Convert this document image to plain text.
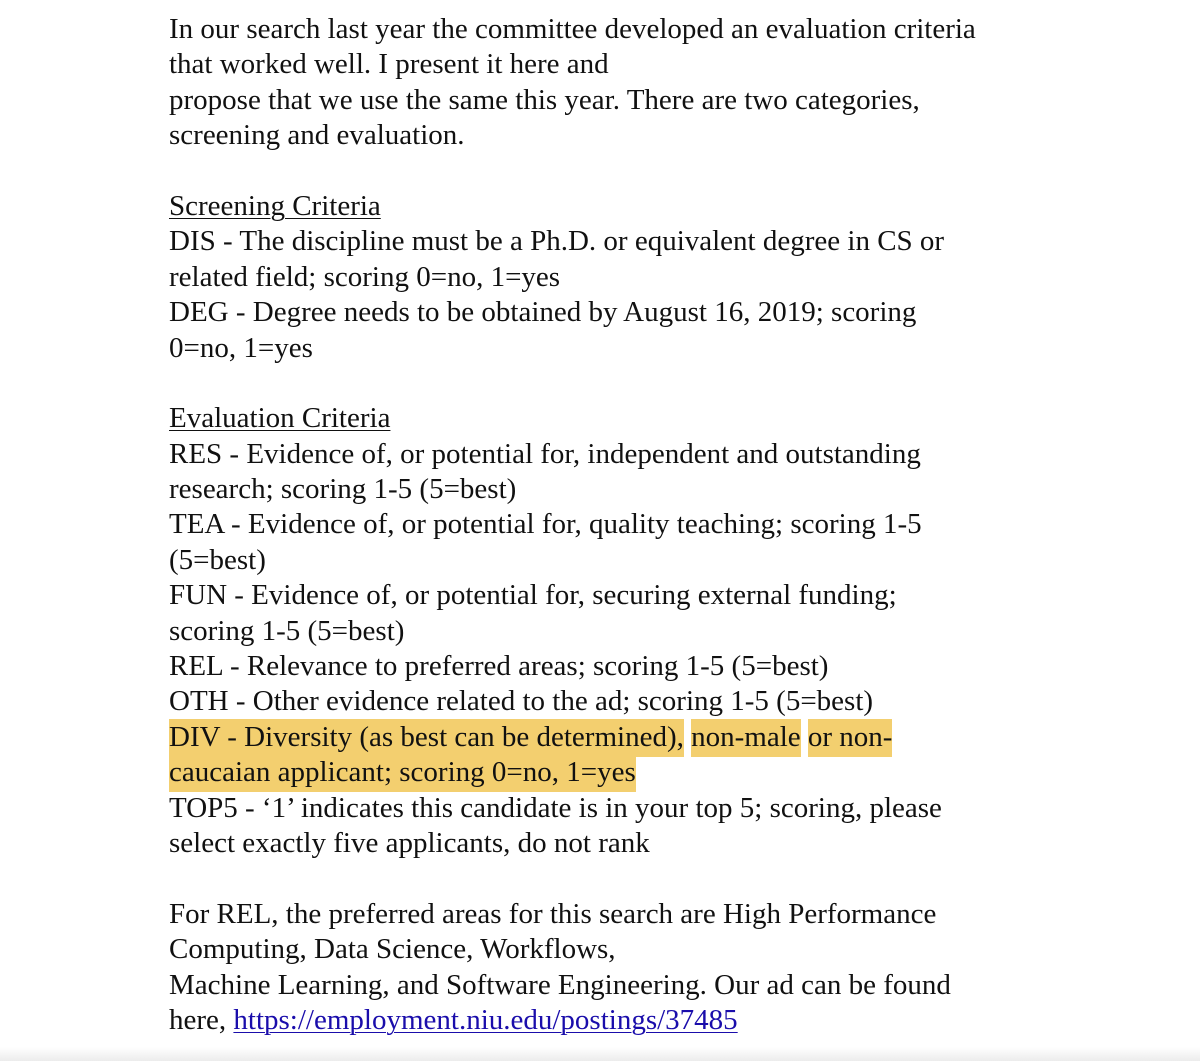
In our search last year the committee developed an evaluation criteria
that worked well. I present it here and
propose that we use the same this year. There are two categories,
screening and evaluation.
Screening Criteria
DIS - The discipline must be a Ph.D. or equivalent degree in CS or
related field; scoring 0=no, 1=yes
DEG - Degree needs to be obtained by August 16, 2019; scoring
0=no, 1=yes
Evaluation Criteria
RES - Evidence of, or potential for, independent and outstanding
research; scoring 1-5 (5=best)
TEA - Evidence of, or potential for, quality teaching; scoring 1-5
(5=best)
FUN - Evidence of, or potential for, securing external funding;
scoring 1-5 (5=best)
REL - Relevance to preferred areas; scoring 1-5 (5=best)
OTH - Other evidence related to the ad; scoring 1-5 (5=best)
DIV - Diversity (as best can be determined), non-male or non-
caucaian applicant; scoring 0=no, 1=yes
TOP5 - ‘1’ indicates this candidate is in your top 5; scoring, please
select exactly five applicants, do not rank
For REL, the preferred areas for this search are High Performance
Computing, Data Science, Workflows,
Machine Learning, and Software Engineering. Our ad can be found
here, https://employment.niu.edu/postings/37485
